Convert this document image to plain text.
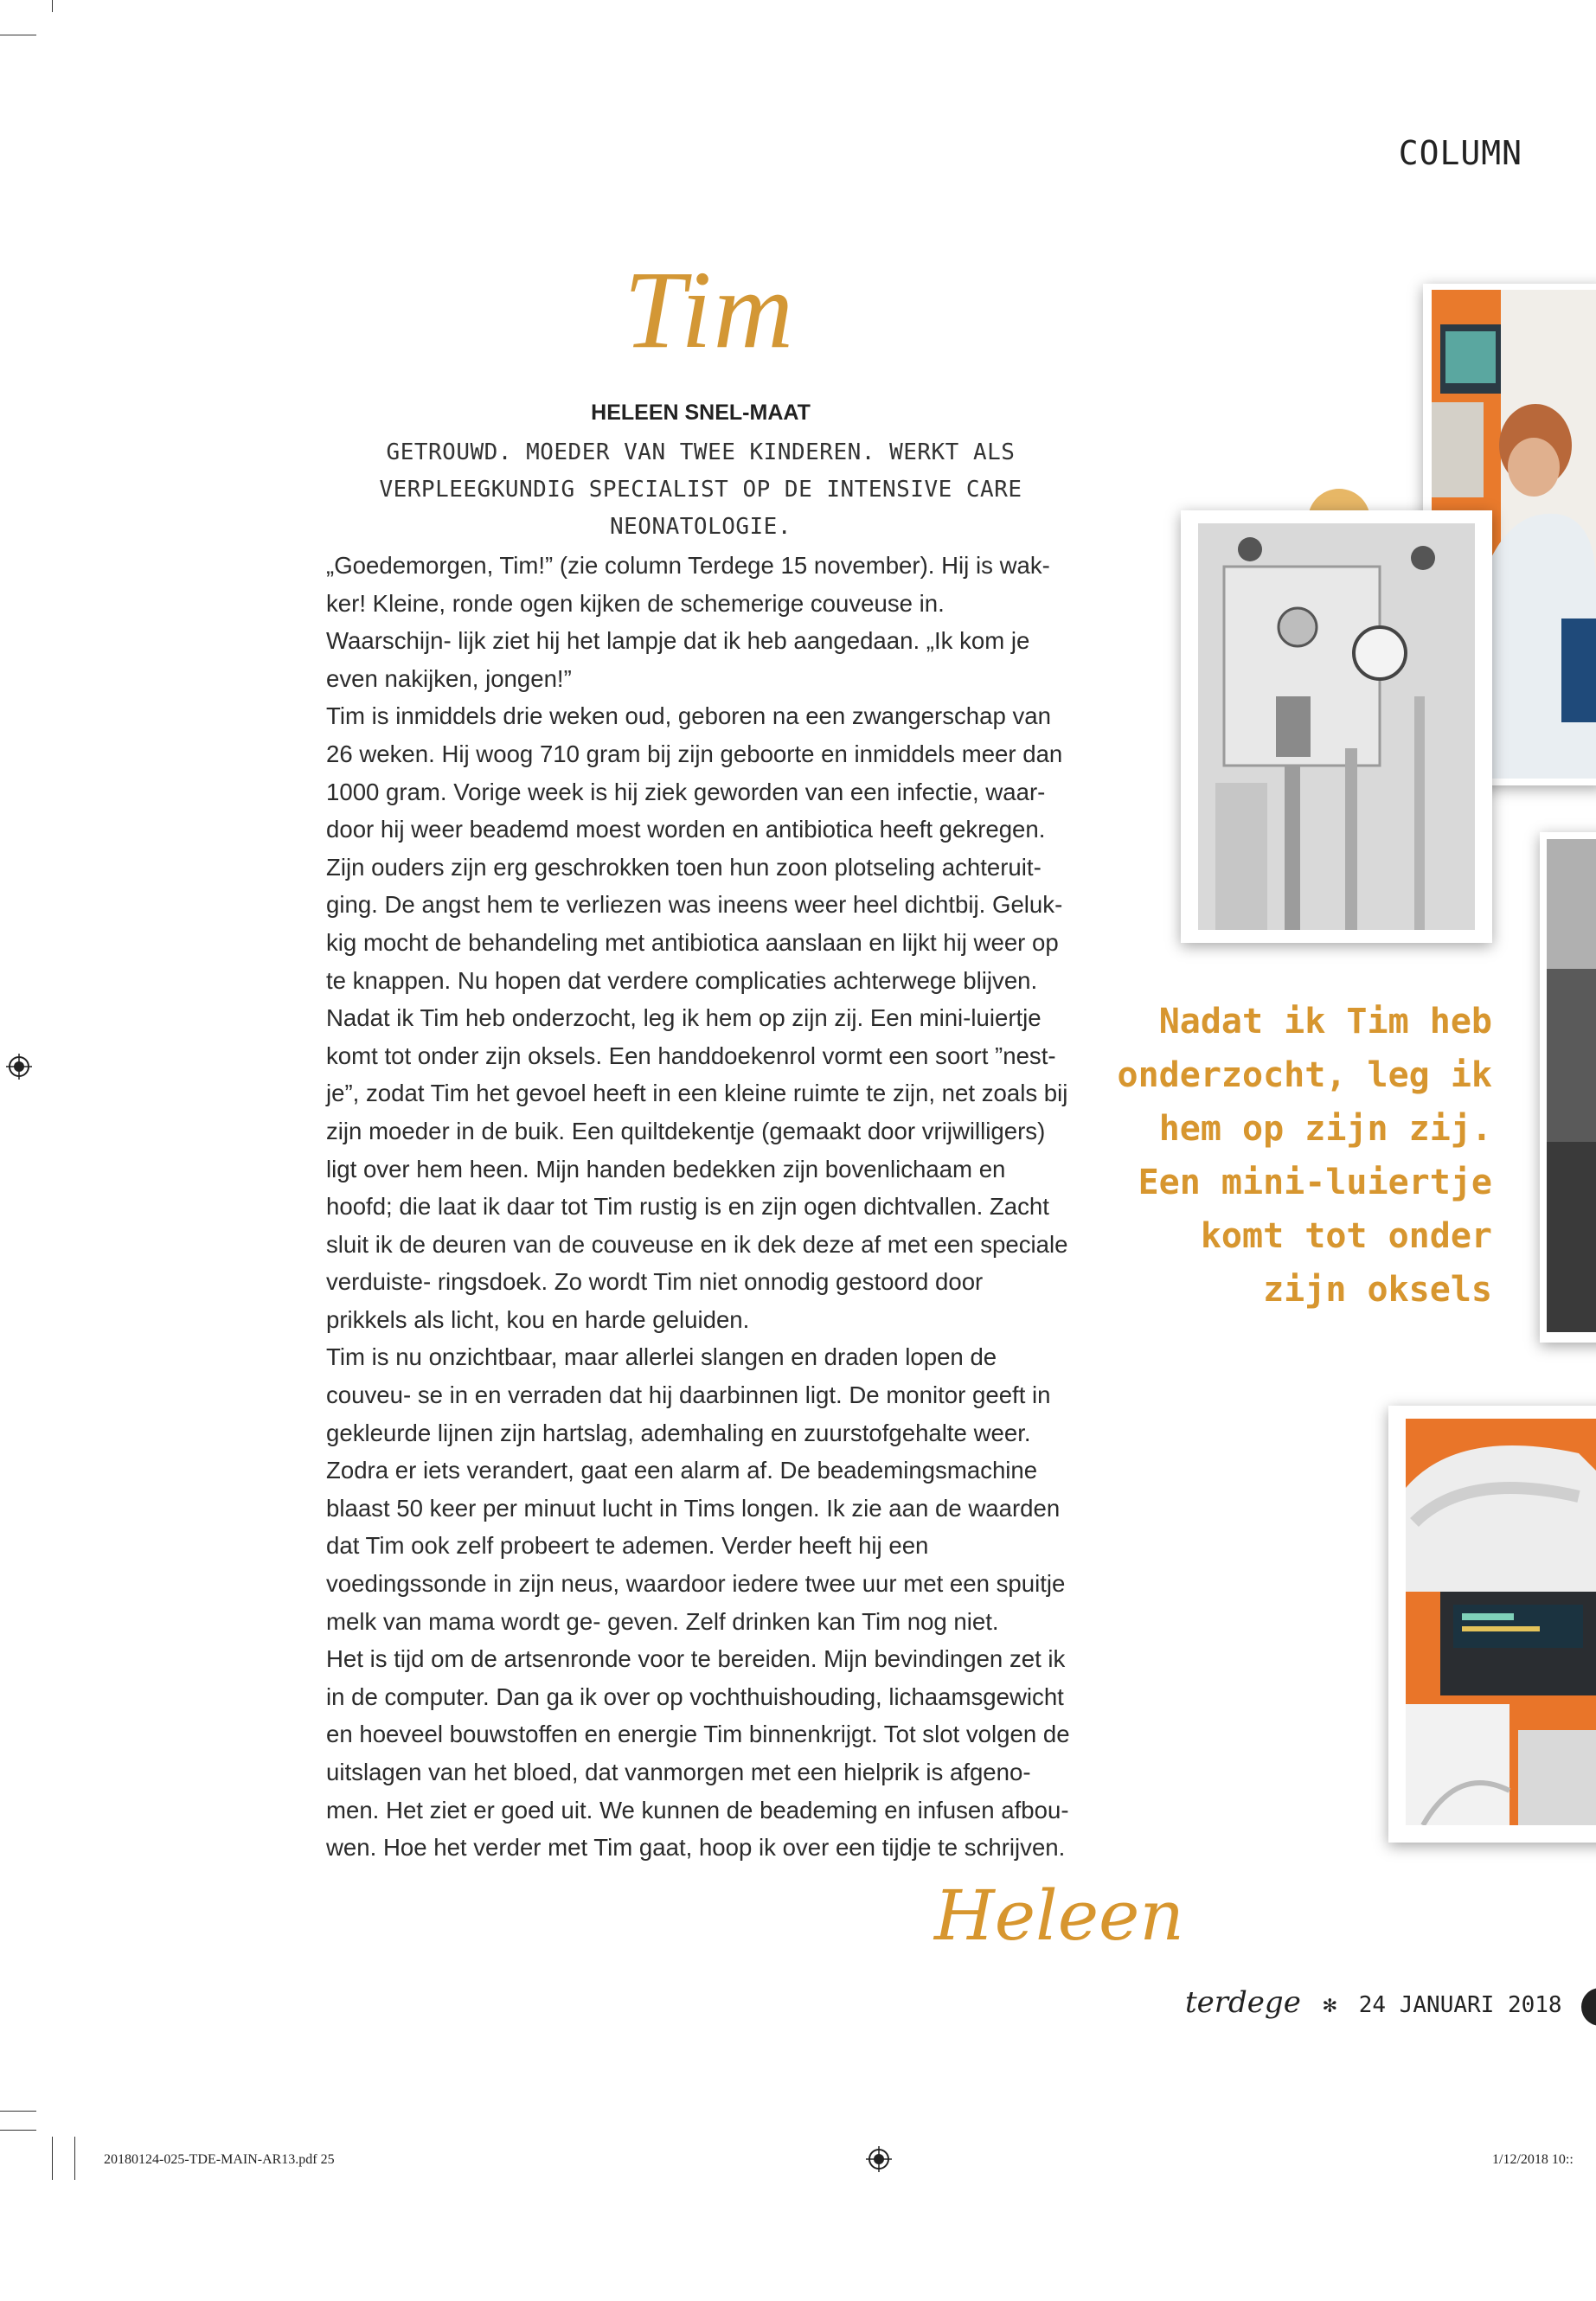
COLUMN
Tim
HELEEN SNEL-MAAT
GETROUWD. MOEDER VAN TWEE KINDEREN. WERKT ALS VERPLEEGKUNDIG SPECIALIST OP DE INTENSIVE CARE NEONATOLOGIE.

„Goedemorgen, Tim!” (zie column Terdege 15 november). Hij is wak- ker! Kleine, ronde ogen kijken de schemerige couveuse in. Waarschijn- lijk ziet hij het lampje dat ik heb aangedaan. „Ik kom je even nakijken, jongen!”

Tim is inmiddels drie weken oud, geboren na een zwangerschap van 26 weken. Hij woog 710 gram bij zijn geboorte en inmiddels meer dan 1000 gram. Vorige week is hij ziek geworden van een infectie, waar- door hij weer beademd moest worden en antibiotica heeft gekregen. Zijn ouders zijn erg geschrokken toen hun zoon plotseling achteruit- ging. De angst hem te verliezen was ineens weer heel dichtbij. Geluk- kig mocht de behandeling met antibiotica aanslaan en lijkt hij weer op te knappen. Nu hopen dat verdere complicaties achterwege blijven.

Nadat ik Tim heb onderzocht, leg ik hem op zijn zij. Een mini-luiertje komt tot onder zijn oksels. Een handdoekenrol vormt een soort ”nest- je”, zodat Tim het gevoel heeft in een kleine ruimte te zijn, net zoals bij zijn moeder in de buik. Een quiltdekentje (gemaakt door vrijwilligers) ligt over hem heen. Mijn handen bedekken zijn bovenlichaam en hoofd; die laat ik daar tot Tim rustig is en zijn ogen dichtvallen. Zacht sluit ik de deuren van de couveuse en ik dek deze af met een speciale verduiste- ringsdoek. Zo wordt Tim niet onnodig gestoord door prikkels als licht, kou en harde geluiden.

Tim is nu onzichtbaar, maar allerlei slangen en draden lopen de couveu- se in en verraden dat hij daarbinnen ligt. De monitor geeft in gekleurde lijnen zijn hartslag, ademhaling en zuurstofgehalte weer. Zodra er iets verandert, gaat een alarm af. De beademingsmachine blaast 50 keer per minuut lucht in Tims longen. Ik zie aan de waarden dat Tim ook zelf probeert te ademen. Verder heeft hij een voedingssonde in zijn neus, waardoor iedere twee uur met een spuitje melk van mama wordt ge- geven. Zelf drinken kan Tim nog niet.

Het is tijd om de artsenronde voor te bereiden. Mijn bevindingen zet ik in de computer. Dan ga ik over op vochthuishouding, lichaamsgewicht en hoeveel bouwstoffen en energie Tim binnenkrijgt. Tot slot volgen de uitslagen van het bloed, dat vanmorgen met een hielprik is afgeno- men. Het ziet er goed uit. We kunnen de beademing en infusen afbou- wen. Hoe het verder met Tim gaat, hoop ik over een tijdje te schrijven.

Nadat ik Tim heb onderzocht, leg ik hem op zijn zij. Een mini-luiertje komt tot onder zijn oksels
Heleen
terdege ✻ 24 JANUARI 2018
20180124-025-TDE-MAIN-AR13.pdf 25	1/12/2018 10::
